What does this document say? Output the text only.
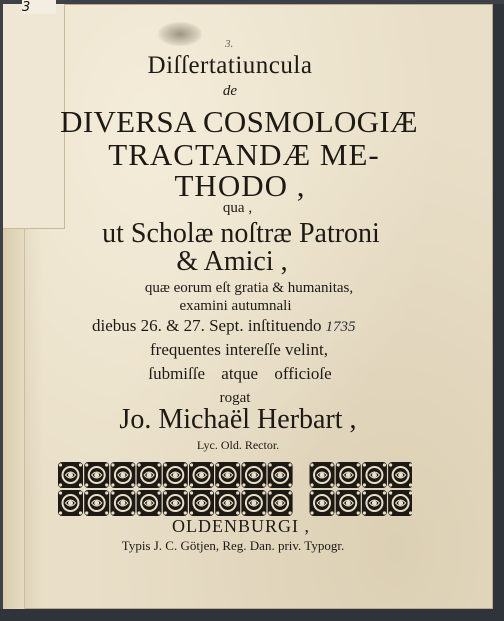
3
3.
Diſſertatiuncula
de
DIVERSA COSMOLOGIÆ
TRACTANDÆ ME-
THODO ,
qua ,
ut Scholæ noſtræ Patroni
& Amici ,
quæ eorum eſt gratia & humanitas,
examini autumnali
diebus 26. & 27. Sept. inſtituendo 1735
frequentes intereſſe velint,
ſubmiſſe atque officioſe
rogat
Jo. Michaël Herbart ,
Lyc. Old. Rector.
OLDENBURGI ,
Typis J. C. Götjen, Reg. Dan. priv. Typogr.
